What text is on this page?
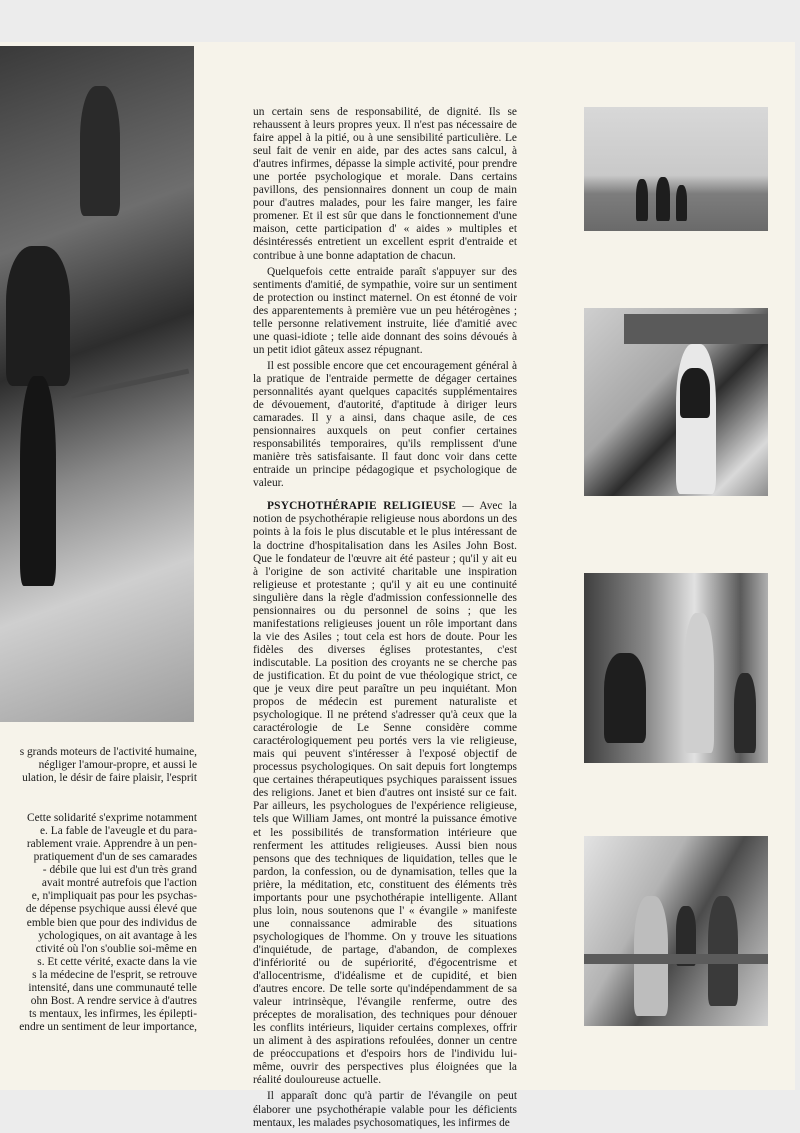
un certain sens de responsabilité, de dignité. Ils se rehaussent à leurs propres yeux. Il n'est pas nécessaire de faire appel à la pitié, ou à une sensibilité particulière. Le seul fait de venir en aide, par des actes sans calcul, à d'autres infirmes, dépasse la simple activité, pour prendre une portée psychologique et morale. Dans certains pavillons, des pensionnaires donnent un coup de main pour d'autres malades, pour les faire manger, les faire promener. Et il est sûr que dans le fonctionnement d'une maison, cette participation d' « aides » multiples et désintéressés entretient un excellent esprit d'entraide et contribue à une bonne adaptation de chacun.

Quelquefois cette entraide paraît s'appuyer sur des sentiments d'amitié, de sympathie, voire sur un sentiment de protection ou instinct maternel. On est étonné de voir des apparentements à première vue un peu hétérogènes ; telle personne relativement instruite, liée d'amitié avec une quasi-idiote ; telle aide donnant des soins dévoués à un petit idiot gâteux assez répugnant.

Il est possible encore que cet encouragement général à la pratique de l'entraide permette de dégager certaines personnalités ayant quelques capacités supplémentaires de dévouement, d'autorité, d'aptitude à diriger leurs camarades. Il y a ainsi, dans chaque asile, de ces pensionnaires auxquels on peut confier certaines responsabilités temporaires, qu'ils remplissent d'une manière très satisfaisante. Il faut donc voir dans cette entraide un principe pédagogique et psychologique de valeur.

PSYCHOTHÉRAPIE RELIGIEUSE — Avec la notion de psychothérapie religieuse nous abordons un des points à la fois le plus discutable et le plus intéressant de la doctrine d'hospitalisation dans les Asiles John Bost. Que le fondateur de l'œuvre ait été pasteur ; qu'il y ait eu à l'origine de son activité charitable une inspiration religieuse et protestante ; qu'il y ait eu une continuité singulière dans la règle d'admission confessionnelle des pensionnaires ou du personnel de soins ; que les manifestations religieuses jouent un rôle important dans la vie des Asiles ; tout cela est hors de doute. Pour les fidèles des diverses églises protestantes, c'est indiscutable. La position des croyants ne se cherche pas de justification. Et du point de vue théologique strict, ce que je veux dire peut paraître un peu inquiétant. Mon propos de médecin est purement naturaliste et psychologique. Il ne prétend s'adresser qu'à ceux que la caractérologie de Le Senne considère comme caractérologiquement peu portés vers la vie religieuse, mais qui peuvent s'intéresser à l'exposé objectif de processus psychologiques. On sait depuis fort longtemps que certaines thérapeutiques psychiques paraissent issues des religions. Janet et bien d'autres ont insisté sur ce fait. Par ailleurs, les psychologues de l'expérience religieuse, tels que William James, ont montré la puissance émotive et les possibilités de transformation intérieure que renferment les attitudes religieuses. Aussi bien nous pensons que des techniques de liquidation, telles que le pardon, la confession, ou de dynamisation, telles que la prière, la méditation, etc, constituent des éléments très importants pour une psychothérapie intelligente. Allant plus loin, nous soutenons que l' « évangile » manifeste une connaissance admirable des situations psychologiques de l'homme. On y trouve les situations d'inquiétude, de partage, d'abandon, de complexes d'infériorité ou de supériorité, d'égocentrisme et d'allocentrisme, d'idéalisme et de cupidité, et bien d'autres encore. De telle sorte qu'indépendamment de sa valeur intrinsèque, l'évangile renferme, outre des préceptes de moralisation, des techniques pour dénouer les conflits intérieurs, liquider certains complexes, offrir un aliment à des aspirations refoulées, donner un centre de préoccupations et d'espoirs hors de l'individu lui-même, ouvrir des perspectives plus éloignées que la réalité douloureuse actuelle.

Il apparaît donc qu'à partir de l'évangile on peut élaborer une psychothérapie valable pour les déficients mentaux, les malades psychosomatiques, les infirmes de

s grands moteurs de l'activité humaine,
négliger l'amour-propre, et aussi le
ulation, le désir de faire plaisir, l'esprit
Cette solidarité s'exprime notamment
e. La fable de l'aveugle et du para-
rablement vraie. Apprendre à un pen-
pratiquement d'un de ses camarades
- débile que lui est d'un très grand
avait montré autrefois que l'action
e, n'impliquait pas pour les psychas-
de dépense psychique aussi élevé que
emble bien que pour des individus de
ychologiques, on ait avantage à les
ctivité où l'on s'oublie soi-même en
s. Et cette vérité, exacte dans la vie
s la médecine de l'esprit, se retrouve
intensité, dans une communauté telle
ohn Bost. A rendre service à d'autres
ts mentaux, les infirmes, les épilepti-
endre un sentiment de leur importance,
